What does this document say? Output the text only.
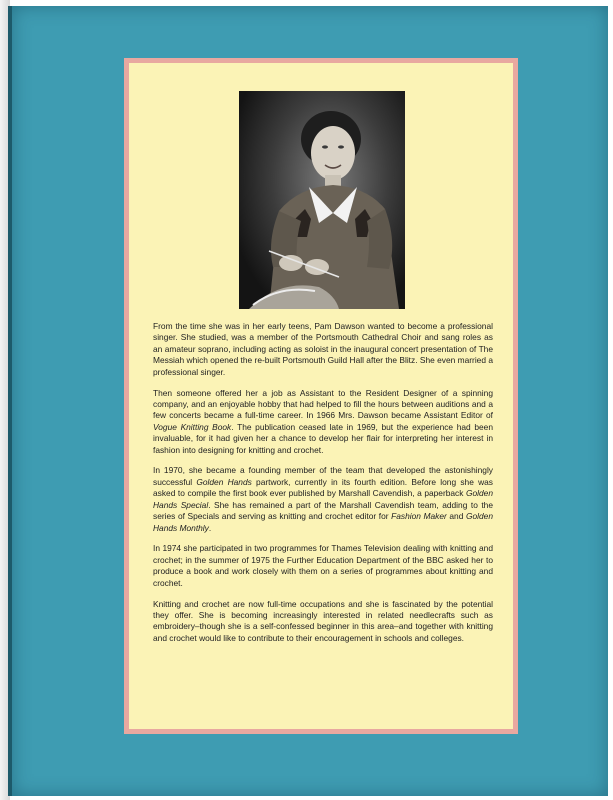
From the time she was in her early teens, Pam Dawson wanted to become a professional singer. She studied, was a member of the Portsmouth Cathedral Choir and sang roles as an amateur soprano, including acting as soloist in the inaugural concert presentation of The Messiah which opened the re-built Portsmouth Guild Hall after the Blitz. She even married a professional singer.

Then someone offered her a job as Assistant to the Resident Designer of a spinning company, and an enjoyable hobby that had helped to fill the hours between auditions and a few concerts became a full-time career. In 1966 Mrs. Dawson became Assistant Editor of Vogue Knitting Book. The publication ceased late in 1969, but the experience had been invaluable, for it had given her a chance to develop her flair for interpreting her interest in fashion into designing for knitting and crochet.

In 1970, she became a founding member of the team that developed the astonishingly successful Golden Hands partwork, currently in its fourth edition. Before long she was asked to compile the first book ever published by Marshall Cavendish, a paperback Golden Hands Special. She has remained a part of the Marshall Cavendish team, adding to the series of Specials and serving as knitting and crochet editor for Fashion Maker and Golden Hands Monthly.

In 1974 she participated in two programmes for Thames Television dealing with knitting and crochet; in the summer of 1975 the Further Education Department of the BBC asked her to produce a book and work closely with them on a series of programmes about knitting and crochet.

Knitting and crochet are now full-time occupations and she is fascinated by the potential they offer. She is becoming increasingly interested in related needlecrafts such as embroidery–though she is a self-confessed beginner in this area–and together with knitting and crochet would like to contribute to their encouragement in schools and colleges.
